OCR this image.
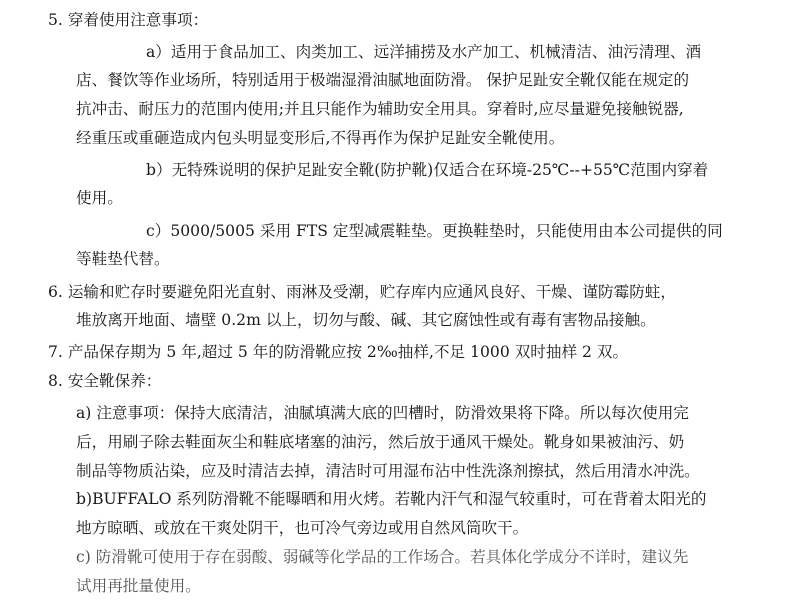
5. 穿着使用注意事项：
a）适用于食品加工、肉类加工、远洋捕捞及水产加工、机械清洁、油污清理、酒
店、餐饮等作业场所，特别适用于极端湿滑油腻地面防滑。 保护足趾安全靴仅能在规定的
抗冲击、耐压力的范围内使用;并且只能作为辅助安全用具。穿着时,应尽量避免接触锐器,
经重压或重砸造成内包头明显变形后,不得再作为保护足趾安全靴使用。
b）无特殊说明的保护足趾安全靴(防护靴)仅适合在环境-25℃--+55℃范围内穿着
使用。
c）5000/5005 采用 FTS 定型减震鞋垫。更换鞋垫时，只能使用由本公司提供的同
等鞋垫代替。
6. 运输和贮存时要避免阳光直射、雨淋及受潮，贮存库内应通风良好、干燥、谨防霉防蛀，
堆放离开地面、墙壁 0.2m 以上，切勿与酸、碱、其它腐蚀性或有毒有害物品接触。
7. 产品保存期为 5 年,超过 5 年的防滑靴应按 2‰抽样,不足 1000 双时抽样 2 双。
8. 安全靴保养：
a) 注意事项：保持大底清洁，油腻填满大底的凹槽时，防滑效果将下降。所以每次使用完
后，用刷子除去鞋面灰尘和鞋底堵塞的油污，然后放于通风干燥处。靴身如果被油污、奶
制品等物质沾染，应及时清洁去掉，清洁时可用湿布沾中性洗涤剂擦拭，然后用清水冲洗。
b)BUFFALO 系列防滑靴不能曝晒和用火烤。若靴内汗气和湿气较重时，可在背着太阳光的
地方晾晒、或放在干爽处阴干，也可冷气旁边或用自然风筒吹干。
c) 防滑靴可使用于存在弱酸、弱碱等化学品的工作场合。若具体化学成分不详时，建议先
试用再批量使用。
